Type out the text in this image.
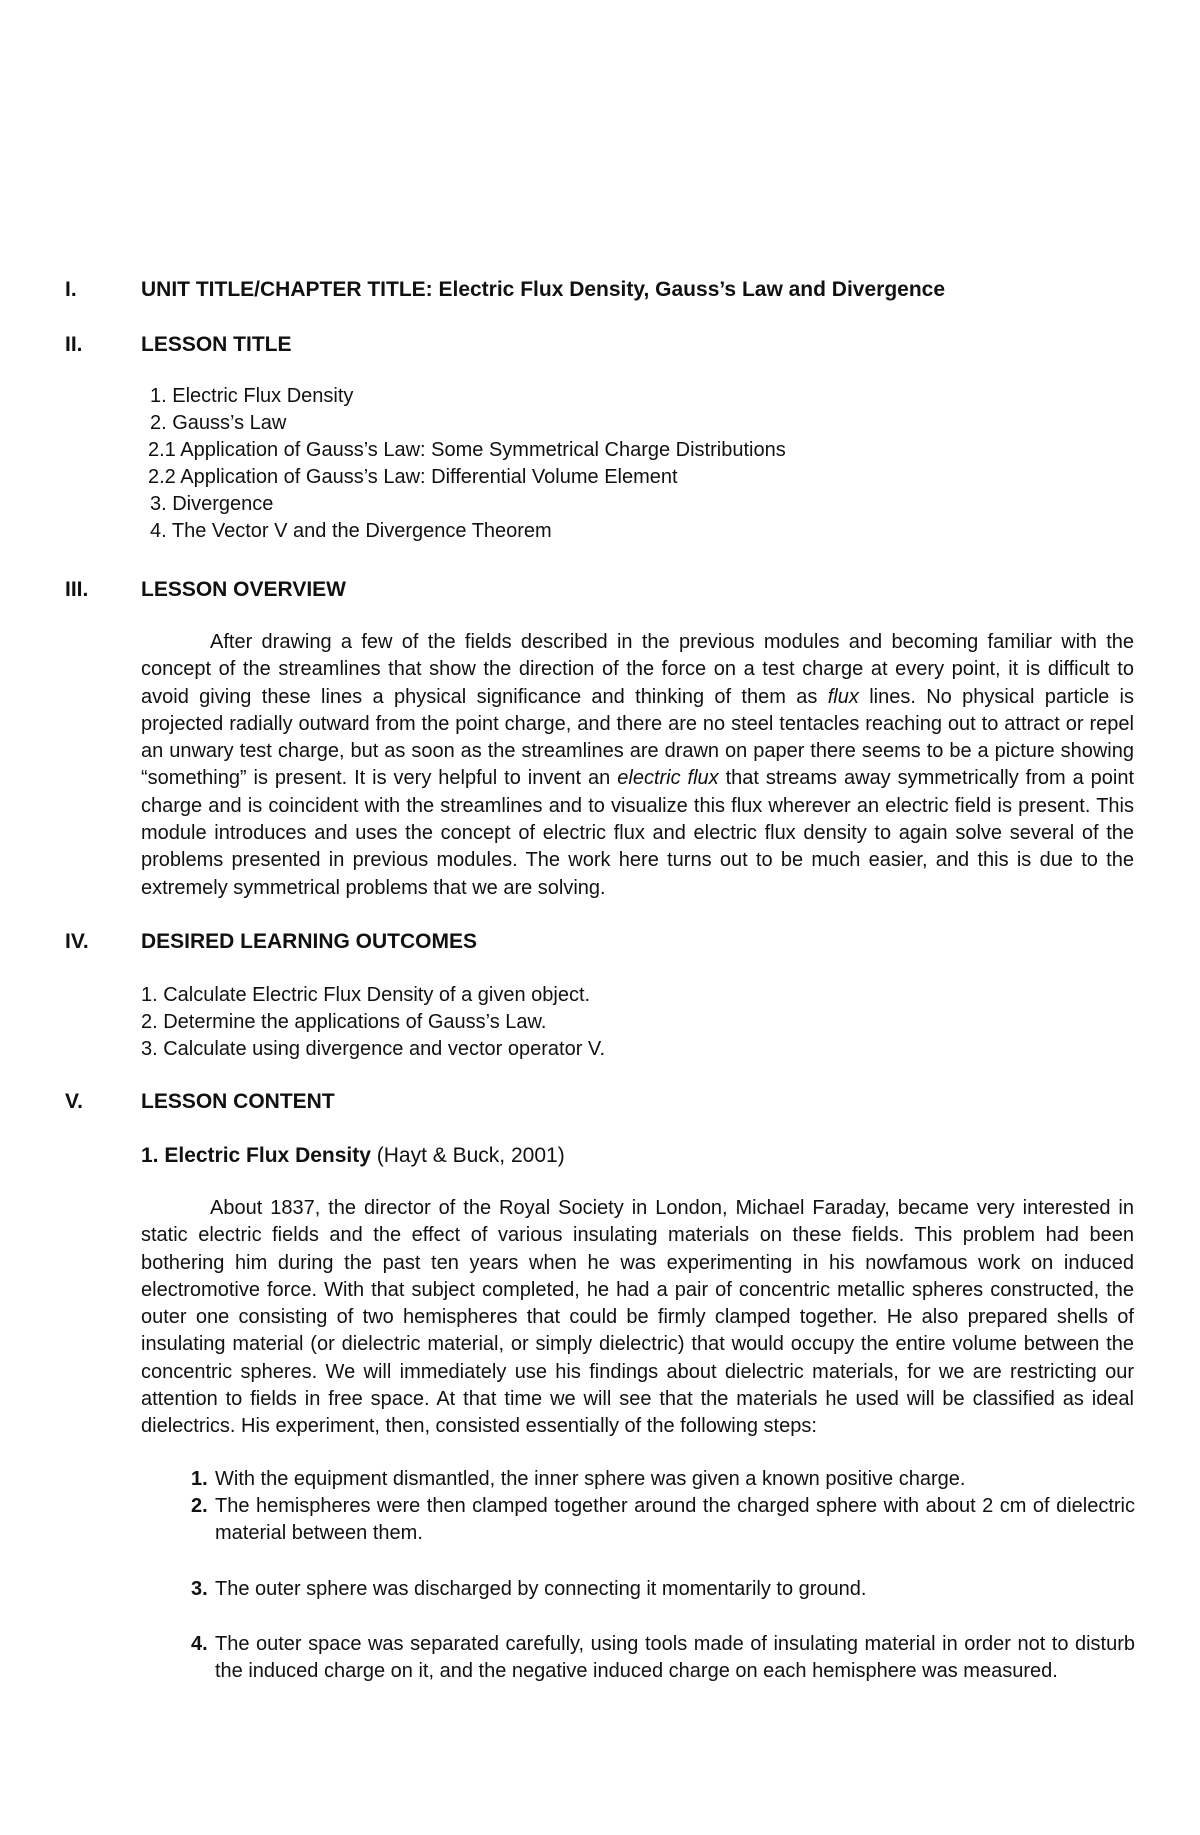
I.	UNIT TITLE/CHAPTER TITLE: Electric Flux Density, Gauss’s Law and Divergence
II.	LESSON TITLE
1. Electric Flux Density
2. Gauss’s Law
2.1 Application of Gauss’s Law: Some Symmetrical Charge Distributions
2.2 Application of Gauss’s Law: Differential Volume Element
3. Divergence
4. The Vector V and the Divergence Theorem
III.	LESSON OVERVIEW

After drawing a few of the fields described in the previous modules and becoming familiar with the concept of the streamlines that show the direction of the force on a test charge at every point, it is difficult to avoid giving these lines a physical significance and thinking of them as flux lines. No physical particle is projected radially outward from the point charge, and there are no steel tentacles reaching out to attract or repel an unwary test charge, but as soon as the streamlines are drawn on paper there seems to be a picture showing “something” is present. It is very helpful to invent an electric flux that streams away symmetrically from a point charge and is coincident with the streamlines and to visualize this flux wherever an electric field is present. This module introduces and uses the concept of electric flux and electric flux density to again solve several of the problems presented in previous modules. The work here turns out to be much easier, and this is due to the extremely symmetrical problems that we are solving.

IV. DESIRED LEARNING OUTCOMES
1. Calculate Electric Flux Density of a given object.
2. Determine the applications of Gauss’s Law.
3. Calculate using divergence and vector operator V.
V.	LESSON CONTENT
1. Electric Flux Density (Hayt & Buck, 2001)

About 1837, the director of the Royal Society in London, Michael Faraday, became very interested in static electric fields and the effect of various insulating materials on these fields. This problem had been bothering him during the past ten years when he was experimenting in his nowfamous work on induced electromotive force. With that subject completed, he had a pair of concentric metallic spheres constructed, the outer one consisting of two hemispheres that could be firmly clamped together. He also prepared shells of insulating material (or dielectric material, or simply dielectric) that would occupy the entire volume between the concentric spheres. We will immediately use his findings about dielectric materials, for we are restricting our attention to fields in free space. At that time we will see that the materials he used will be classified as ideal dielectrics. His experiment, then, consisted essentially of the following steps:

1. With the equipment dismantled, the inner sphere was given a known positive charge.
2. The hemispheres were then clamped together around the charged sphere with about 2 cm of dielectric material between them.
3. The outer sphere was discharged by connecting it momentarily to ground.
4. The outer space was separated carefully, using tools made of insulating material in order not to disturb the induced charge on it, and the negative induced charge on each hemisphere was measured.
